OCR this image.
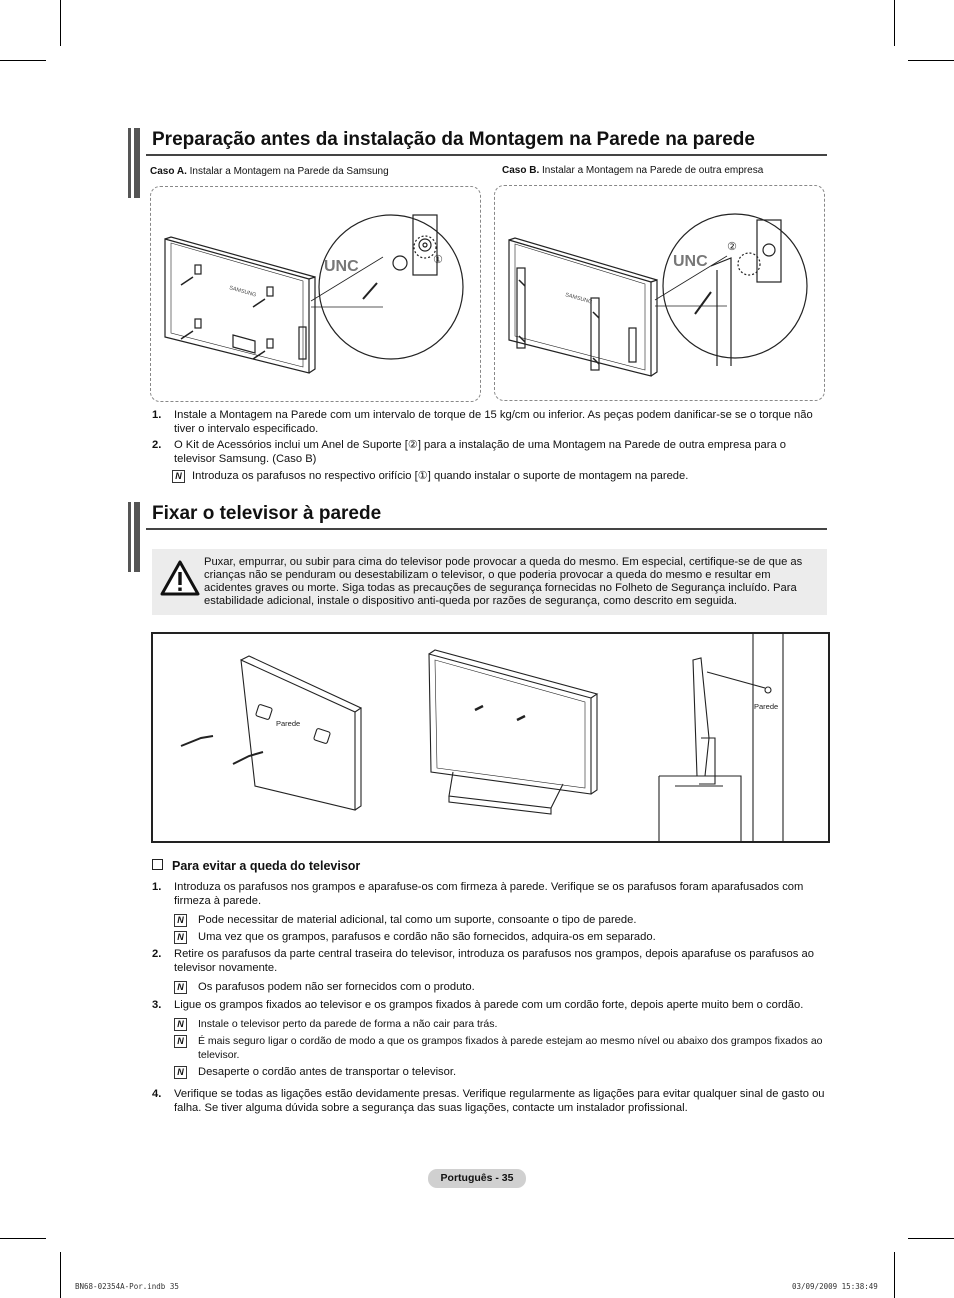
Preparação antes da instalação da Montagem na Parede na parede
Caso A. Instalar a Montagem na Parede da Samsung	Caso B. Instalar a Montagem na Parede de outra empresa
SAMSUNG
UNC	①
SAMSUNG
UNC
②
1. Instale a Montagem na Parede com um intervalo de torque de 15 kg/cm ou inferior. As peças podem danificar-se se o torque não tiver o intervalo especificado.
2. O Kit de Acessórios inclui um Anel de Suporte [②] para a instalação de uma Montagem na Parede de outra empresa para o televisor Samsung. (Caso B)
N Introduza os parafusos no respectivo orifício [①] quando instalar o suporte de montagem na parede.
Fixar o televisor à parede
Puxar, empurrar, ou subir para cima do televisor pode provocar a queda do mesmo. Em especial, certifique-se de que as crianças não se penduram ou desestabilizam o televisor, o que poderia provocar a queda do mesmo e resultar em acidentes graves ou morte. Siga todas as precauções de segurança fornecidas no Folheto de Segurança incluído. Para estabilidade adicional, instale o dispositivo anti-queda por razões de segurança, como descrito em seguida.
Parede
Parede
Para evitar a queda do televisor
1. Introduza os parafusos nos grampos e aparafuse-os com firmeza à parede. Verifique se os parafusos foram aparafusados com firmeza à parede.
N Pode necessitar de material adicional, tal como um suporte, consoante o tipo de parede.
N Uma vez que os grampos, parafusos e cordão não são fornecidos, adquira-os em separado.
2. Retire os parafusos da parte central traseira do televisor, introduza os parafusos nos grampos, depois aparafuse os parafusos ao televisor novamente.
N Os parafusos podem não ser fornecidos com o produto.
3. Ligue os grampos fixados ao televisor e os grampos fixados à parede com um cordão forte, depois aperte muito bem o cordão.
N	Instale o televisor perto da parede de forma a não cair para trás.
N	É mais seguro ligar o cordão de modo a que os grampos fixados à parede estejam ao mesmo nível ou abaixo dos grampos fixados ao televisor.
N Desaperte o cordão antes de transportar o televisor.
4. Verifique se todas as ligações estão devidamente presas. Verifique regularmente as ligações para evitar qualquer sinal de gasto ou falha. Se tiver alguma dúvida sobre a segurança das suas ligações, contacte um instalador profissional.
Português - 35
BN68-02354A-Por.indb 35	03/09/2009 15:38:49
